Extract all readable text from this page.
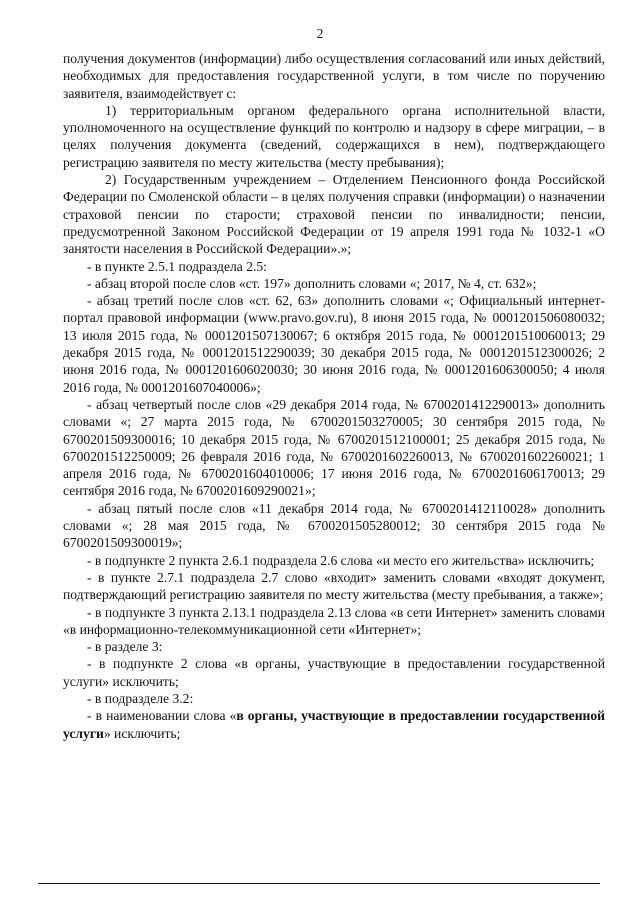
2

получения документов (информации) либо осуществления согласований или иных действий, необходимых для предоставления государственной услуги, в том числе по поручению заявителя, взаимодействует с:

1) территориальным органом федерального органа исполнительной власти, уполномоченного на осуществление функций по контролю и надзору в сфере миграции, – в целях получения документа (сведений, содержащихся в нем), подтверждающего регистрацию заявителя по месту жительства (месту пребывания);

2) Государственным учреждением – Отделением Пенсионного фонда Российской Федерации по Смоленской области – в целях получения справки (информации) о назначении страховой пенсии по старости; страховой пенсии по инвалидности; пенсии, предусмотренной Законом Российской Федерации от 19 апреля 1991 года № 1032-1 «О занятости населения в Российской Федерации».»;

- в пункте 2.5.1 подраздела 2.5:

- абзац второй после слов «ст. 197» дополнить словами «; 2017, № 4, ст. 632»;

- абзац третий после слов «ст. 62, 63» дополнить словами «; Официальный интернет-портал правовой информации (www.pravo.gov.ru), 8 июня 2015 года, № 0001201506080032; 13 июля 2015 года, № 0001201507130067; 6 октября 2015 года, № 0001201510060013; 29 декабря 2015 года, № 0001201512290039; 30 декабря 2015 года, № 0001201512300026; 2 июня 2016 года, № 0001201606020030; 30 июня 2016 года, № 0001201606300050; 4 июля 2016 года, № 0001201607040006»;

- абзац четвертый после слов «29 декабря 2014 года, № 6700201412290013» дополнить словами «; 27 марта 2015 года, № 6700201503270005; 30 сентября 2015 года, № 6700201509300016; 10 декабря 2015 года, № 6700201512100001; 25 декабря 2015 года, № 6700201512250009; 26 февраля 2016 года, № 6700201602260013, № 6700201602260021; 1 апреля 2016 года, № 6700201604010006; 17 июня 2016 года, № 6700201606170013; 29 сентября 2016 года, № 6700201609290021»;

- абзац пятый после слов «11 декабря 2014 года, № 6700201412110028» дополнить словами «; 28 мая 2015 года, № 6700201505280012; 30 сентября 2015 года № 6700201509300019»;

- в подпункте 2 пункта 2.6.1 подраздела 2.6 слова «и место его жительства» исключить;

- в пункте 2.7.1 подраздела 2.7 слово «входит» заменить словами «входят документ, подтверждающий регистрацию заявителя по месту жительства (месту пребывания, а также»;

- в подпункте 3 пункта 2.13.1 подраздела 2.13 слова «в сети Интернет» заменить словами «в информационно-телекоммуникационной сети «Интернет»;

- в разделе 3:

- в подпункте 2 слова «в органы, участвующие в предоставлении государственной услуги» исключить;

- в подразделе 3.2:

- в наименовании слова «в органы, участвующие в предоставлении государственной услуги» исключить;
